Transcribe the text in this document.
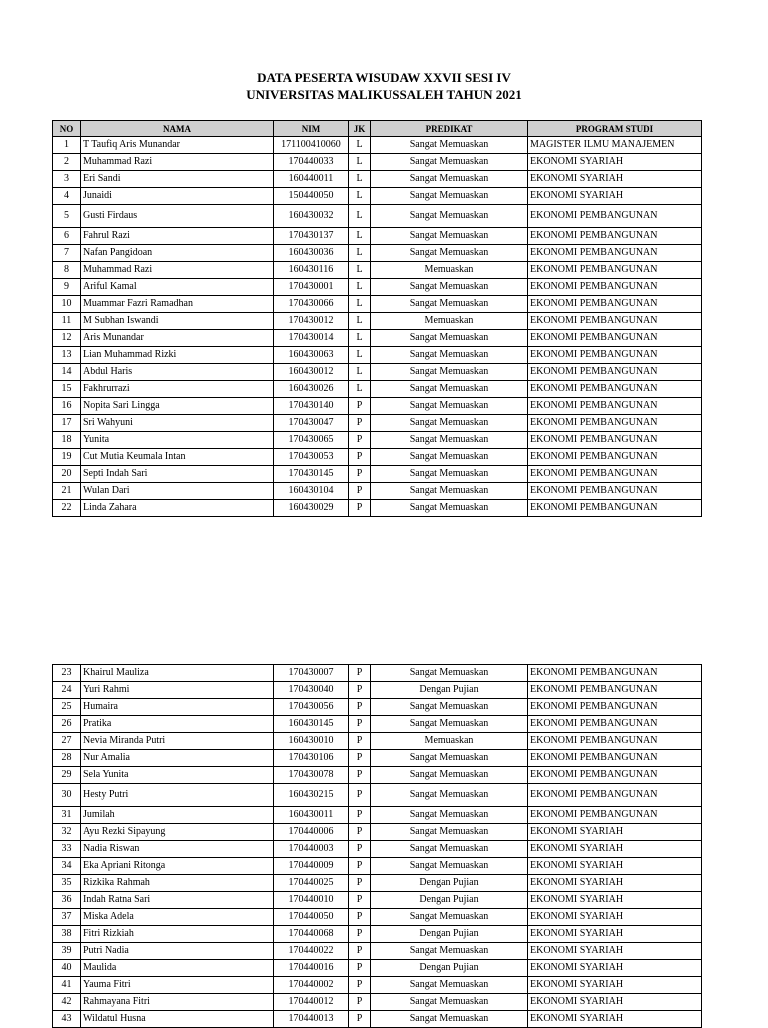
DATA PESERTA WISUDAW XXVII SESI IV
UNIVERSITAS MALIKUSSALEH TAHUN 2021
NO	NAMA	NIM	JK	PREDIKAT	PROGRAM STUDI
1	T Taufiq Aris Munandar	171100410060	L	Sangat Memuaskan	MAGISTER ILMU MANAJEMEN
2	Muhammad Razi	170440033	L	Sangat Memuaskan	EKONOMI SYARIAH
3	Eri Sandi	160440011	L	Sangat Memuaskan	EKONOMI SYARIAH
4	Junaidi	150440050	L	Sangat Memuaskan	EKONOMI SYARIAH
5	Gusti Firdaus	160430032	L	Sangat Memuaskan	EKONOMI PEMBANGUNAN
6	Fahrul Razi	170430137	L	Sangat Memuaskan	EKONOMI PEMBANGUNAN
7	Nafan Pangidoan	160430036	L	Sangat Memuaskan	EKONOMI PEMBANGUNAN
8	Muhammad Razi	160430116	L	Memuaskan	EKONOMI PEMBANGUNAN
9	Ariful Kamal	170430001	L	Sangat Memuaskan	EKONOMI PEMBANGUNAN
10	Muammar Fazri Ramadhan	170430066	L	Sangat Memuaskan	EKONOMI PEMBANGUNAN
11	M Subhan Iswandi	170430012	L	Memuaskan	EKONOMI PEMBANGUNAN
12	Aris Munandar	170430014	L	Sangat Memuaskan	EKONOMI PEMBANGUNAN
13	Lian Muhammad Rizki	160430063	L	Sangat Memuaskan	EKONOMI PEMBANGUNAN
14	Abdul Haris	160430012	L	Sangat Memuaskan	EKONOMI PEMBANGUNAN
15	Fakhrurrazi	160430026	L	Sangat Memuaskan	EKONOMI PEMBANGUNAN
16	Nopita Sari Lingga	170430140	P	Sangat Memuaskan	EKONOMI PEMBANGUNAN
17	Sri Wahyuni	170430047	P	Sangat Memuaskan	EKONOMI PEMBANGUNAN
18	Yunita	170430065	P	Sangat Memuaskan	EKONOMI PEMBANGUNAN
19	Cut Mutia Keumala Intan	170430053	P	Sangat Memuaskan	EKONOMI PEMBANGUNAN
20	Septi Indah Sari	170430145	P	Sangat Memuaskan	EKONOMI PEMBANGUNAN
21	Wulan Dari	160430104	P	Sangat Memuaskan	EKONOMI PEMBANGUNAN
22	Linda Zahara	160430029	P	Sangat Memuaskan	EKONOMI PEMBANGUNAN
23	Khairul Mauliza	170430007	P	Sangat Memuaskan	EKONOMI PEMBANGUNAN
24	Yuri Rahmi	170430040	P	Dengan Pujian	EKONOMI PEMBANGUNAN
25	Humaira	170430056	P	Sangat Memuaskan	EKONOMI PEMBANGUNAN
26	Pratika	160430145	P	Sangat Memuaskan	EKONOMI PEMBANGUNAN
27	Nevia Miranda Putri	160430010	P	Memuaskan	EKONOMI PEMBANGUNAN
28	Nur Amalia	170430106	P	Sangat Memuaskan	EKONOMI PEMBANGUNAN
29	Sela Yunita	170430078	P	Sangat Memuaskan	EKONOMI PEMBANGUNAN
30	Hesty Putri	160430215	P	Sangat Memuaskan	EKONOMI PEMBANGUNAN
31	Jumilah	160430011	P	Sangat Memuaskan	EKONOMI PEMBANGUNAN
32	Ayu Rezki Sipayung	170440006	P	Sangat Memuaskan	EKONOMI SYARIAH
33	Nadia Riswan	170440003	P	Sangat Memuaskan	EKONOMI SYARIAH
34	Eka Apriani Ritonga	170440009	P	Sangat Memuaskan	EKONOMI SYARIAH
35	Rizkika Rahmah	170440025	P	Dengan Pujian	EKONOMI SYARIAH
36	Indah Ratna Sari	170440010	P	Dengan Pujian	EKONOMI SYARIAH
37	Miska Adela	170440050	P	Sangat Memuaskan	EKONOMI SYARIAH
38	Fitri Rizkiah	170440068	P	Dengan Pujian	EKONOMI SYARIAH
39	Putri Nadia	170440022	P	Sangat Memuaskan	EKONOMI SYARIAH
40	Maulida	170440016	P	Dengan Pujian	EKONOMI SYARIAH
41	Yauma Fitri	170440002	P	Sangat Memuaskan	EKONOMI SYARIAH
42	Rahmayana Fitri	170440012	P	Sangat Memuaskan	EKONOMI SYARIAH
43	Wildatul Husna	170440013	P	Sangat Memuaskan	EKONOMI SYARIAH
